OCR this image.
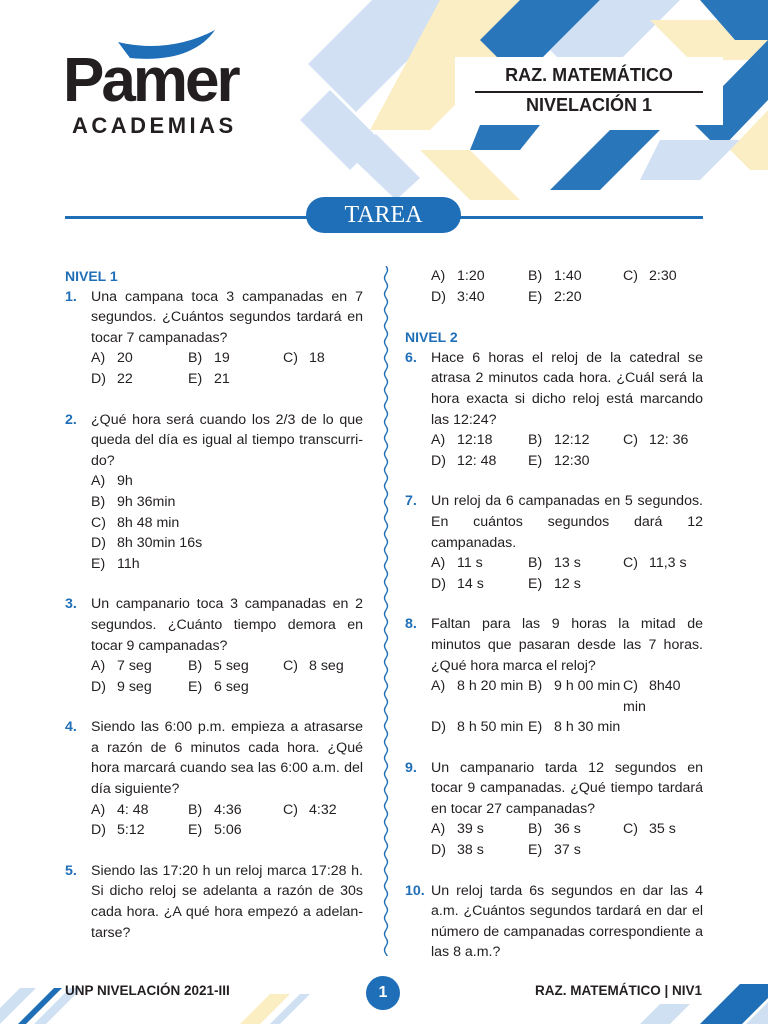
Pamer
ACADEMIAS
RAZ. MATEMÁTICO
NIVELACIÓN 1
TAREA
NIVEL 1
1. Una campana toca 3 campanadas en 7 segundos. ¿Cuántos segundos tardará en tocar 7 campanadas?
A) 20	B) 19	C) 18
D) 22	E) 21
2. ¿Qué hora será cuando los 2/3 de lo que queda del día es igual al tiempo transcurri-do?
A) 9h
B) 9h 36min
C) 8h 48 min
D) 8h 30min 16s
E) 11h
3. Un campanario toca 3 campanadas en 2 segundos. ¿Cuánto tiempo demora en tocar 9 campanadas?
A) 7 seg	B) 5 seg C) 8 seg
D) 9 seg	E) 6 seg
4. Siendo las 6:00 p.m. empieza a atrasarse a razón de 6 minutos cada hora. ¿Qué hora marcará cuando sea las 6:00 a.m. del día siguiente?
A) 4: 48	B) 4:36	C) 4:32
D) 5:12	E) 5:06
5. Siendo las 17:20 h un reloj marca 17:28 h. Si dicho reloj se adelanta a razón de 30s cada hora. ¿A qué hora empezó a adelan-tarse?
A) 1:20	B) 1:40	C) 2:30
D) 3:40	E) 2:20
NIVEL 2
6. Hace 6 horas el reloj de la catedral se atrasa 2 minutos cada hora. ¿Cuál será la hora exacta si dicho reloj está marcando las 12:24?
A) 12:18 B) 12:12 C) 12: 36
D) 12: 48 E) 12:30
7. Un reloj da 6 campanadas en 5 segundos. En cuántos segundos dará 12 campanadas.
A) 11 s	B) 13 s	C) 11,3 s
D) 14 s	E) 12 s
8. Faltan para las 9 horas la mitad de minutos que pasaran desde las 7 horas. ¿Qué hora marca el reloj?
A) 8 h 20 min B) 9 h 00 min C) 8h40 min
D) 8 h 50 min E) 8 h 30 min
9. Un campanario tarda 12 segundos en tocar 9 campanadas. ¿Qué tiempo tardará en tocar 27 campanadas?
A) 39 s	B) 36 s	C) 35 s
D) 38 s	E) 37 s
10. Un reloj tarda 6s segundos en dar las 4 a.m. ¿Cuántos segundos tardará en dar el número de campanadas correspondiente a las 8 a.m.?
UNP NIVELACIÓN 2021-III	1	RAZ. MATEMÁTICO | NIV1
